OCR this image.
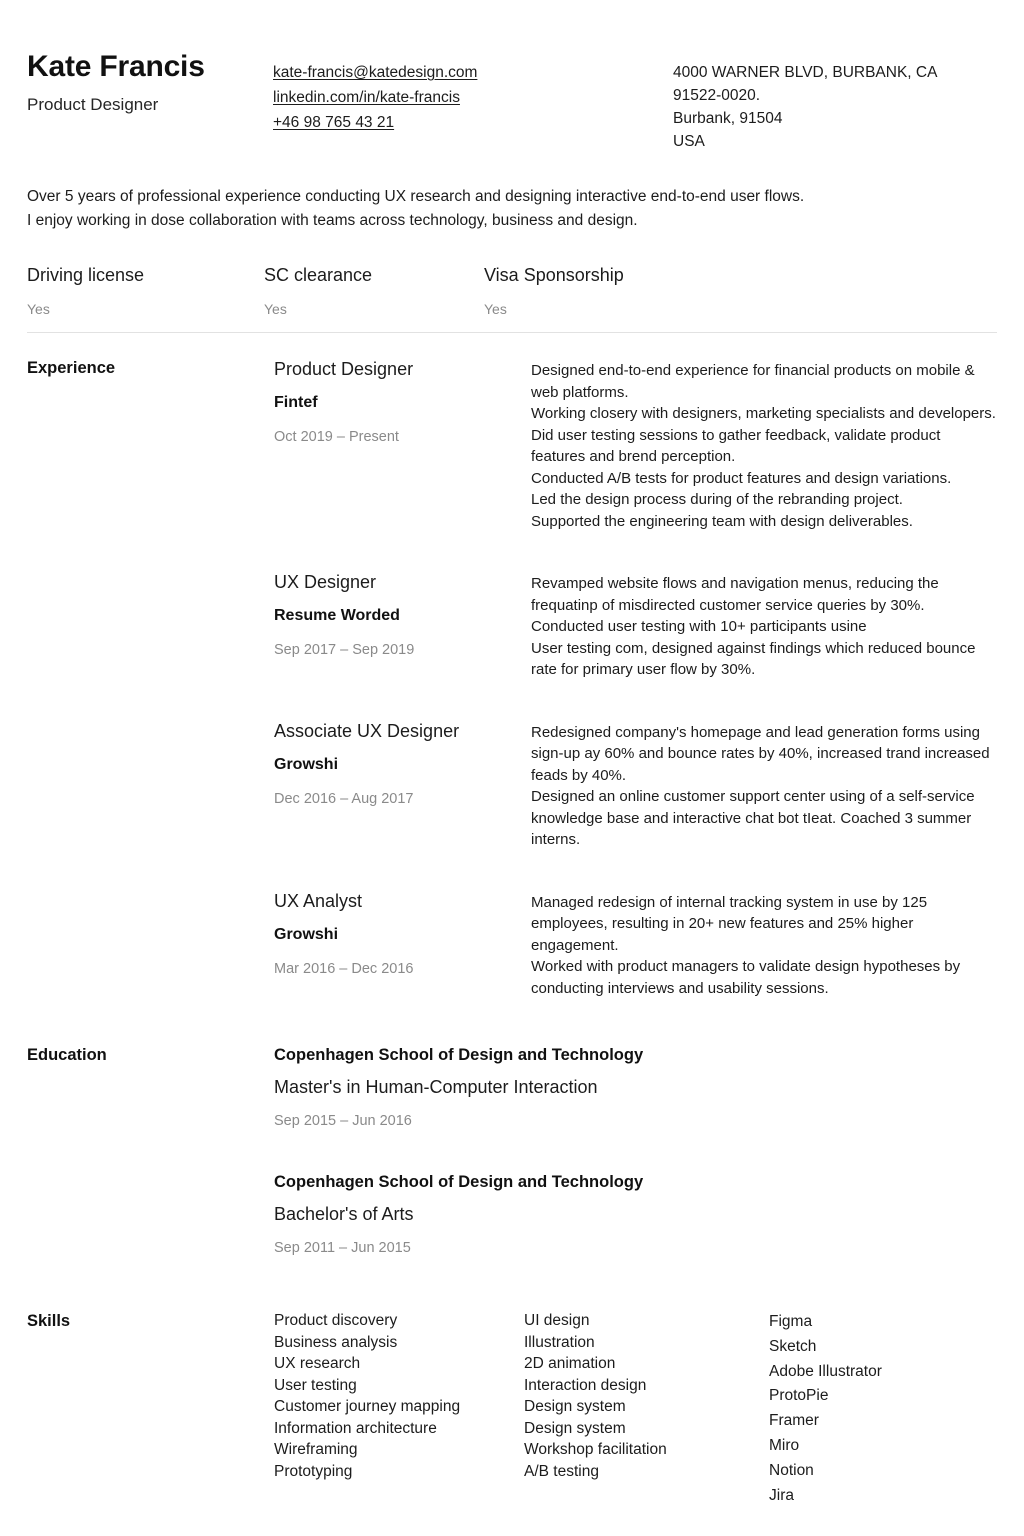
Kate Francis
Product Designer
kate-francis@katedesign.com
linkedin.com/in/kate-francis
+46 98 765 43 21
4000 WARNER BLVD, BURBANK, CA
91522-0020.
Burbank, 91504
USA
Over 5 years of professional experience conducting UX research and designing interactive end-to-end user flows.
I enjoy working in dose collaboration with teams across technology, business and design.
Driving license
Yes
SC clearance
Yes
Visa Sponsorship
Yes
Experience	Product Designer
Fintef
Oct 2019 – Present
Designed end-to-end experience for financial products on mobile & web platforms.
Working closery with designers, marketing specialists and developers.
Did user testing sessions to gather feedback, validate product features and brend perception.
Conducted A/B tests for product features and design variations.
Led the design process during of the rebranding project.
Supported the engineering team with design deliverables.
UX Designer
Resume Worded
Sep 2017 – Sep 2019
Revamped website flows and navigation menus, reducing the frequatinp of misdirected customer service queries by 30%.
Conducted user testing with 10+ participants usine
User testing com, designed against findings which reduced bounce rate for primary user flow by 30%.
Associate UX Designer
Growshi
Dec 2016 – Aug 2017
Redesigned company's homepage and lead generation forms using sign-up ay 60% and bounce rates by 40%, increased trand increased feads by 40%.
Designed an online customer support center using of a self-service knowledge base and interactive chat bot tIeat. Coached 3 summer interns.
UX Analyst
Growshi
Mar 2016 – Dec 2016
Managed redesign of internal tracking system in use by 125 employees, resulting in 20+ new features and 25% higher engagement.
Worked with product managers to validate design hypotheses by conducting interviews and usability sessions.
Education	Copenhagen School of Design and Technology
Master's in Human-Computer Interaction
Sep 2015 – Jun 2016
Copenhagen School of Design and Technology
Bachelor's of Arts
Sep 2011 – Jun 2015
Skills	Product discovery
Business analysis
UX research
User testing
Customer journey mapping
Information architecture
Wireframing
Prototyping
UI design
Illustration
2D animation
Interaction design
Design system
Design system
Workshop facilitation
A/B testing
Figma
Sketch
Adobe Illustrator
ProtoPie
Framer
Miro
Notion
Jira
